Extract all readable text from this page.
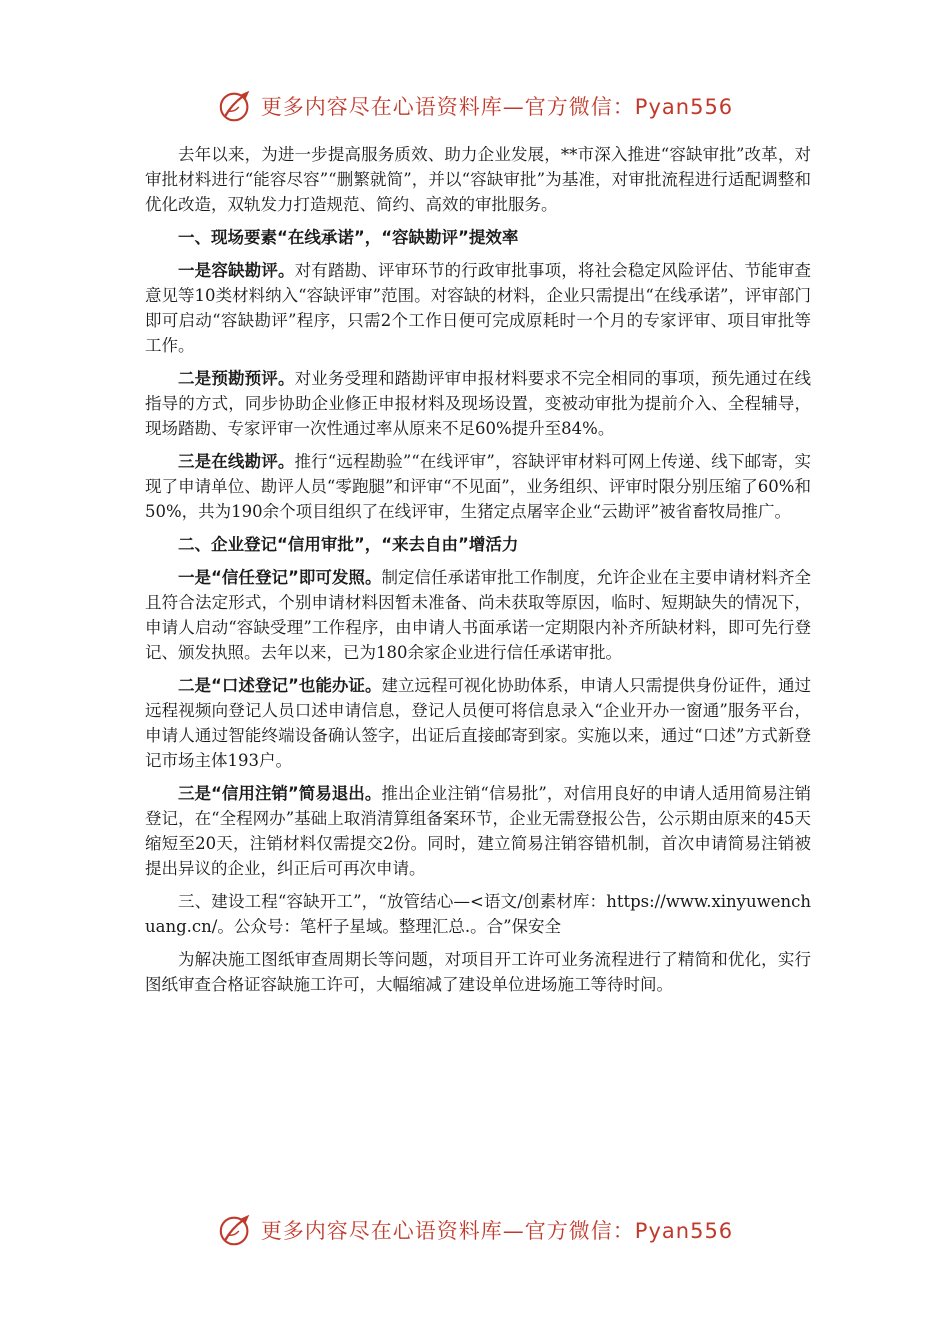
更多内容尽在心语资料库—官方微信：Pyan556

去年以来，为进一步提高服务质效、助力企业发展，**市深入推进“容缺审批”改革，对审批材料进行“能容尽容”“删繁就简”，并以“容缺审批”为基准，对审批流程进行适配调整和优化改造，双轨发力打造规范、简约、高效的审批服务。

一、现场要素“在线承诺”，“容缺勘评”提效率

一是容缺勘评。对有踏勘、评审环节的行政审批事项，将社会稳定风险评估、节能审查意见等10类材料纳入“容缺评审”范围。对容缺的材料，企业只需提出“在线承诺”，评审部门即可启动“容缺勘评”程序，只需2个工作日便可完成原耗时一个月的专家评审、项目审批等工作。

二是预勘预评。对业务受理和踏勘评审申报材料要求不完全相同的事项，预先通过在线指导的方式，同步协助企业修正申报材料及现场设置，变被动审批为提前介入、全程辅导，现场踏勘、专家评审一次性通过率从原来不足60%提升至84%。

三是在线勘评。推行“远程勘验”“在线评审”，容缺评审材料可网上传递、线下邮寄，实现了申请单位、勘评人员“零跑腿”和评审“不见面”，业务组织、评审时限分别压缩了60%和50%，共为190余个项目组织了在线评审，生猪定点屠宰企业“云勘评”被省畜牧局推广。

二、企业登记“信用审批”，“来去自由”增活力

一是“信任登记”即可发照。制定信任承诺审批工作制度，允许企业在主要申请材料齐全且符合法定形式，个别申请材料因暂未准备、尚未获取等原因，临时、短期缺失的情况下，申请人启动“容缺受理”工作程序，由申请人书面承诺一定期限内补齐所缺材料，即可先行登记、颁发执照。去年以来，已为180余家企业进行信任承诺审批。

二是“口述登记”也能办证。建立远程可视化协助体系，申请人只需提供身份证件，通过远程视频向登记人员口述申请信息，登记人员便可将信息录入“企业开办一窗通”服务平台，申请人通过智能终端设备确认签字，出证后直接邮寄到家。实施以来，通过“口述”方式新登记市场主体193户。

三是“信用注销”简易退出。推出企业注销“信易批”，对信用良好的申请人适用简易注销登记，在“全程网办”基础上取消清算组备案环节，企业无需登报公告，公示期由原来的45天缩短至20天，注销材料仅需提交2份。同时，建立简易注销容错机制，首次申请简易注销被提出异议的企业，纠正后可再次申请。

三、建设工程“容缺开工”，“放管结心—<语文/创素材库：https://www.xinyuwenchuang.cn/。公众号：笔杆子星域。整理汇总.。合”保安全

为解决施工图纸审查周期长等问题，对项目开工许可业务流程进行了精简和优化，实行图纸审查合格证容缺施工许可，大幅缩减了建设单位进场施工等待时间。

更多内容尽在心语资料库—官方微信：Pyan556
